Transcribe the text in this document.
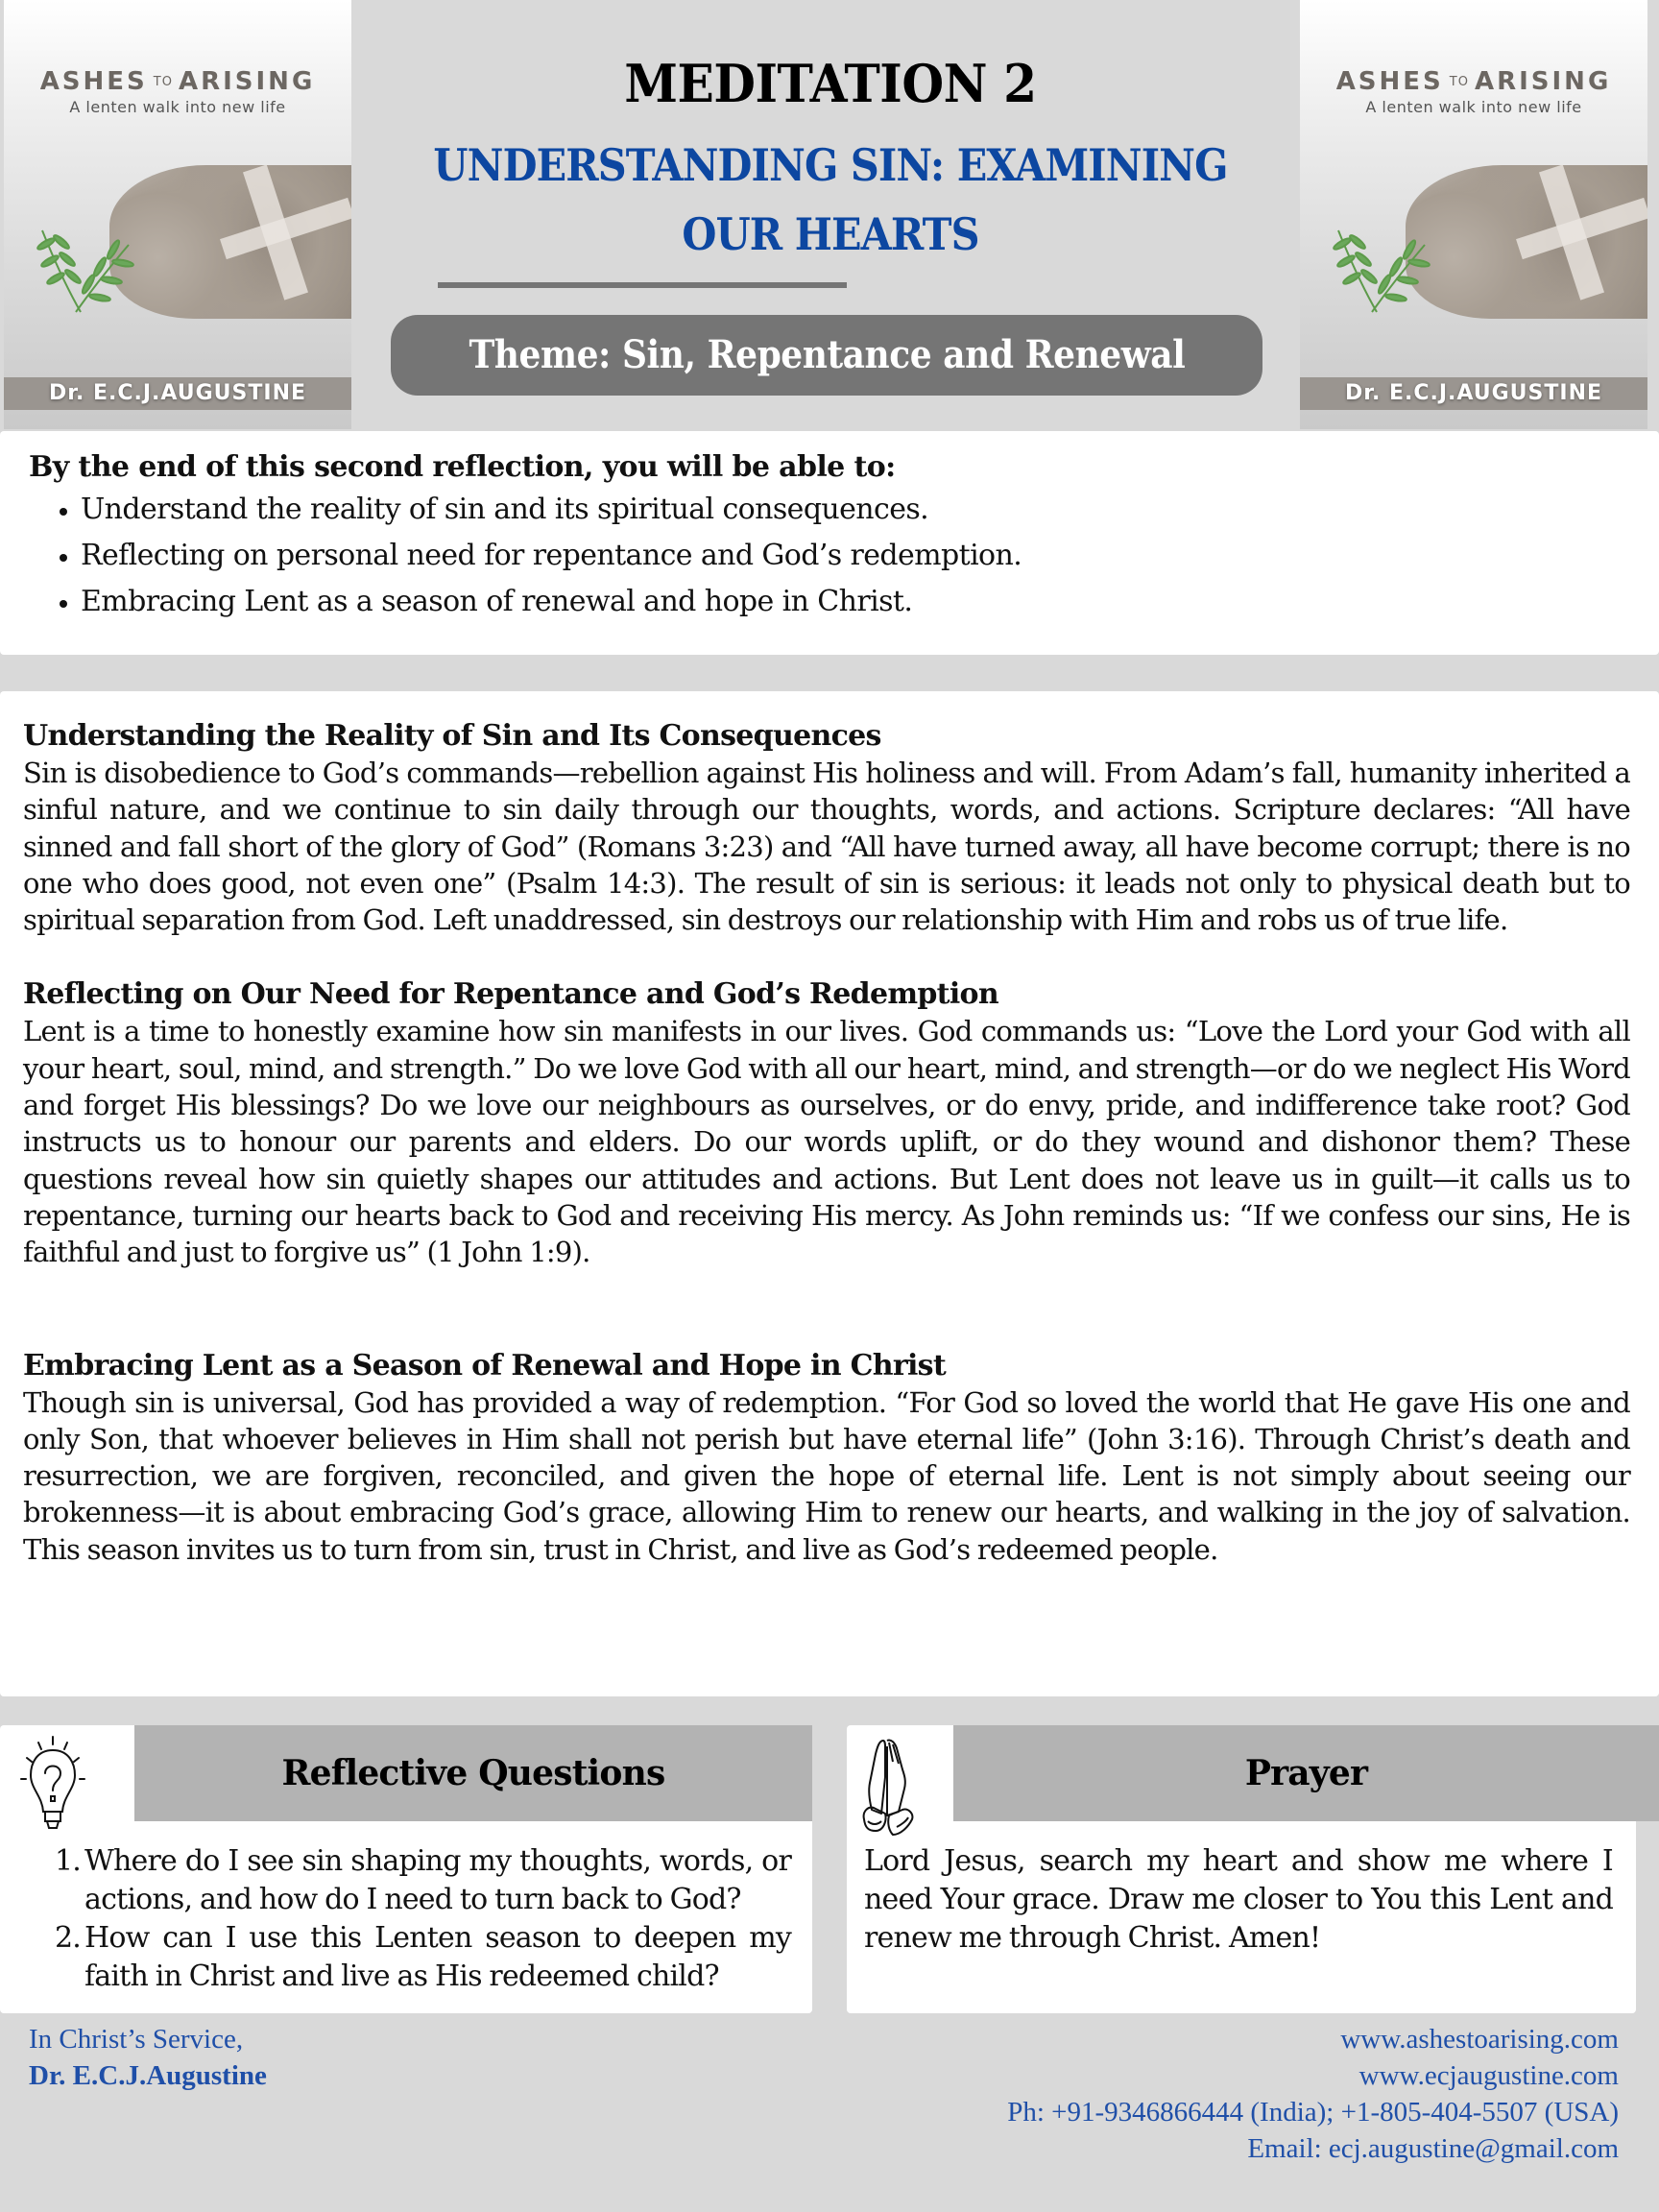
ASHES TO ARISING
A lenten walk into new life
Dr. E.C.J.AUGUSTINE
ASHES TO ARISING
A lenten walk into new life
Dr. E.C.J.AUGUSTINE
MEDITATION 2
UNDERSTANDING SIN: EXAMINING
OUR HEARTS
Theme: Sin, Repentance and Renewal
By the end of this second reflection, you will be able to:
Understand the reality of sin and its spiritual consequences.
Reflecting on personal need for repentance and God’s redemption.
Embracing Lent as a season of renewal and hope in Christ.
Understanding the Reality of Sin and Its Consequences

Sin is disobedience to God’s commands—rebellion against His holiness and will. From Adam’s fall, humanity inherited a sinful nature, and we continue to sin daily through our thoughts, words, and actions. Scripture declares: “All have sinned and fall short of the glory of God” (Romans 3:23) and “All have turned away, all have become corrupt; there is no one who does good, not even one” (Psalm 14:3). The result of sin is serious: it leads not only to physical death but to spiritual separation from God. Left unaddressed, sin destroys our relationship with Him and robs us of true life.

Reflecting on Our Need for Repentance and God’s Redemption

Lent is a time to honestly examine how sin manifests in our lives. God commands us: “Love the Lord your God with all your heart, soul, mind, and strength.” Do we love God with all our heart, mind, and strength—or do we neglect His Word and forget His blessings? Do we love our neighbours as ourselves, or do envy, pride, and indifference take root? God instructs us to honour our parents and elders. Do our words uplift, or do they wound and dishonor them? These questions reveal how sin quietly shapes our attitudes and actions. But Lent does not leave us in guilt—it calls us to repentance, turning our hearts back to God and receiving His mercy. As John reminds us: “If we confess our sins, He is faithful and just to forgive us” (1 John 1:9).

Embracing Lent as a Season of Renewal and Hope in Christ

Though sin is universal, God has provided a way of redemption. “For God so loved the world that He gave His one and only Son, that whoever believes in Him shall not perish but have eternal life” (John 3:16). Through Christ’s death and resurrection, we are forgiven, reconciled, and given the hope of eternal life. Lent is not simply about seeing our brokenness—it is about embracing God’s grace, allowing Him to renew our hearts, and walking in the joy of salvation. This season invites us to turn from sin, trust in Christ, and live as God’s redeemed people.

Reflective Questions
1. Where do I see sin shaping my thoughts, words, or actions, and how do I need to turn back to God?
2. How can I use this Lenten season to deepen my faith in Christ and live as His redeemed child?
Prayer

Lord Jesus, search my heart and show me where I need Your grace. Draw me closer to You this Lent and renew me through Christ. Amen!

In Christ’s Service,
Dr. E.C.J.Augustine
www.ashestoarising.com
www.ecjaugustine.com
Ph: +91-9346866444 (India); +1-805-404-5507 (USA)
Email: ecj.augustine@gmail.com
